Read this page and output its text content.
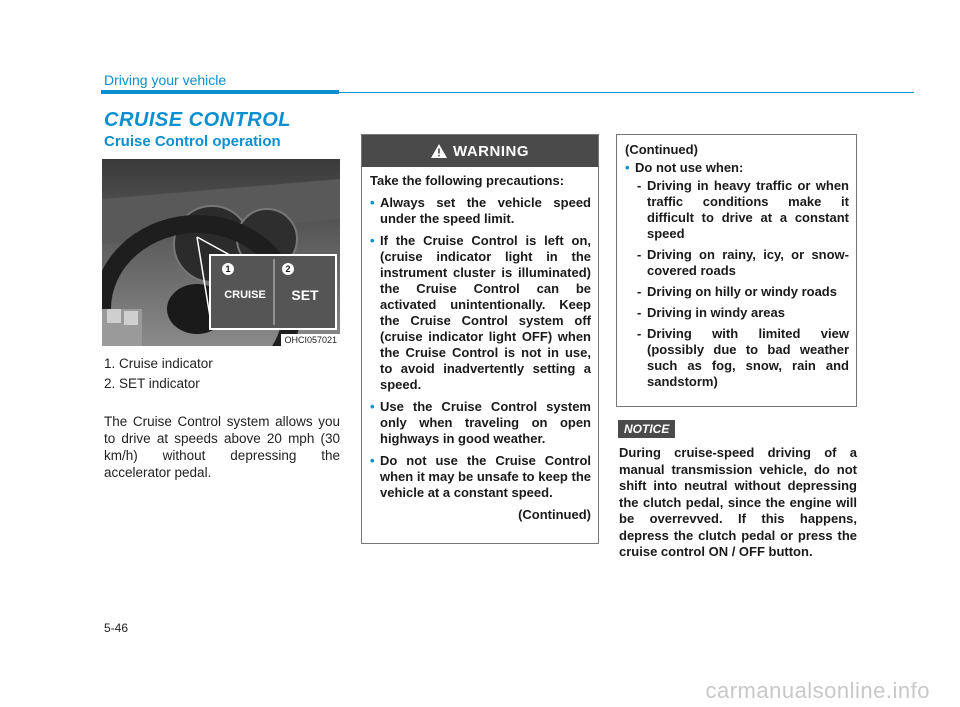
Driving your vehicle
CRUISE CONTROL
Cruise Control operation
1	2
CRUISE	SET
OHCI057021
1. Cruise indicator
2. SET indicator
The Cruise Control system allows you to drive at speeds above 20 mph (30 km/h) without depressing the accelerator pedal.
WARNING
Take the following precautions:
• Always set the vehicle speed under the speed limit.
• If the Cruise Control is left on, (cruise indicator light in the instrument cluster is illuminated) the Cruise Control can be activated unintentionally. Keep the Cruise Control system off (cruise indicator light OFF) when the Cruise Control is not in use, to avoid inadvertently setting a speed.
• Use the Cruise Control system only when traveling on open highways in good weather.
• Do not use the Cruise Control when it may be unsafe to keep the vehicle at a constant speed.
(Continued)
(Continued)
• Do not use when:
- Driving in heavy traffic or when traffic conditions make it difficult to drive at a constant speed
- Driving on rainy, icy, or snow-covered roads
- Driving on hilly or windy roads
- Driving in windy areas
- Driving with limited view (possibly due to bad weather such as fog, snow, rain and sandstorm)
NOTICE
During cruise-speed driving of a manual transmission vehicle, do not shift into neutral without depressing the clutch pedal, since the engine will be overrevved. If this happens, depress the clutch pedal or press the cruise control ON / OFF button.
5-46
carmanualsonline.info
